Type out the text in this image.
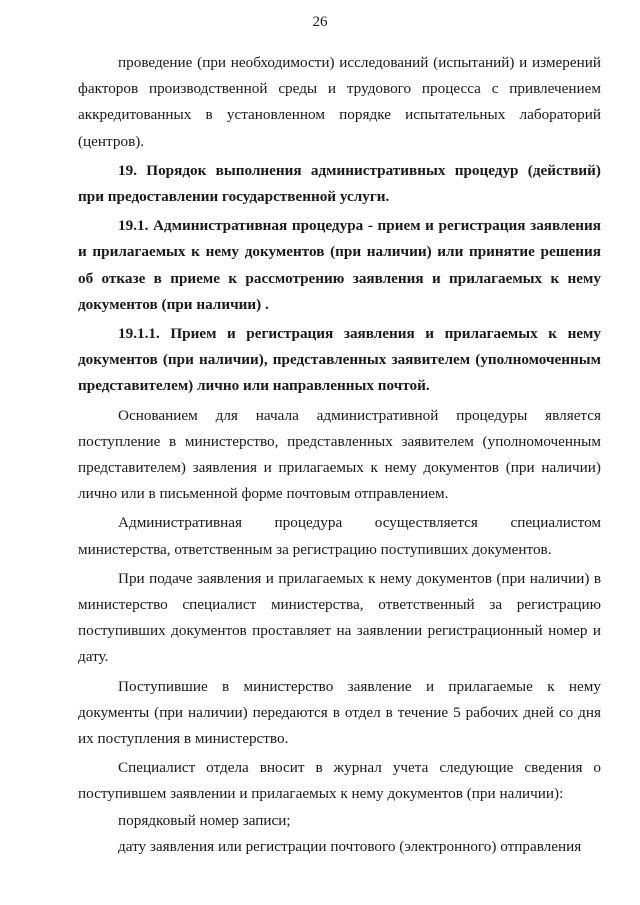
26

проведение (при необходимости) исследований (испытаний) и измерений факторов производственной среды и трудового процесса с привлечением аккредитованных в установленном порядке испытательных лабораторий (центров).

19. Порядок выполнения административных процедур (действий) при предоставлении государственной услуги.

19.1. Административная процедура - прием и регистрация заявления и прилагаемых к нему документов (при наличии) или принятие решения об отказе в приеме к рассмотрению заявления и прилагаемых к нему документов (при наличии) .

19.1.1. Прием и регистрация заявления и прилагаемых к нему документов (при наличии), представленных заявителем (уполномоченным представителем) лично или направленных почтой.

Основанием для начала административной процедуры является поступление в министерство, представленных заявителем (уполномоченным представителем) заявления и прилагаемых к нему документов (при наличии) лично или в письменной форме почтовым отправлением.

Административная процедура осуществляется специалистом министерства, ответственным за регистрацию поступивших документов.

При подаче заявления и прилагаемых к нему документов (при наличии) в министерство специалист министерства, ответственный за регистрацию поступивших документов проставляет на заявлении регистрационный номер и дату.

Поступившие в министерство заявление и прилагаемые к нему документы (при наличии) передаются в отдел в течение 5 рабочих дней со дня их поступления в министерство.

Специалист отдела вносит в журнал учета следующие сведения о поступившем заявлении и прилагаемых к нему документов (при наличии):

порядковый номер записи;

дату заявления или регистрации почтового (электронного) отправления
